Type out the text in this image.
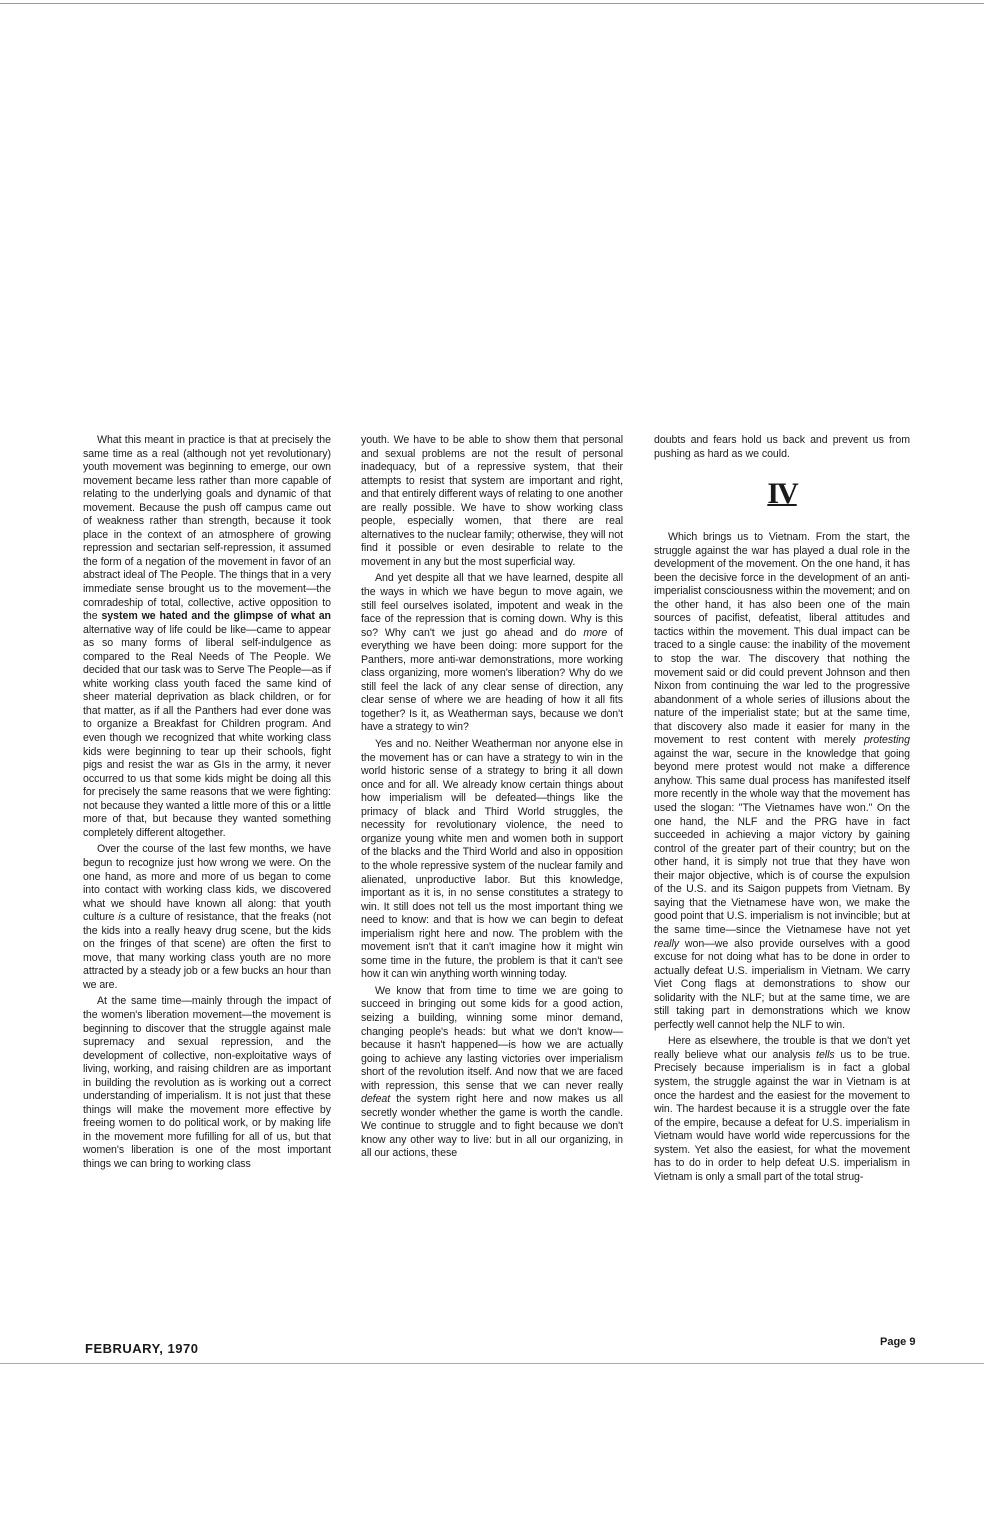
What this meant in practice is that at precisely the same time as a real (although not yet revolutionary) youth movement was beginning to emerge, our own movement became less rather than more capable of relating to the underlying goals and dynamic of that movement. Because the push off campus came out of weakness rather than strength, because it took place in the context of an atmosphere of growing repression and sectarian self-repression, it assumed the form of a negation of the movement in favor of an abstract ideal of The People. The things that in a very immediate sense brought us to the movement—the comradeship of total, collective, active opposition to the system we hated and the glimpse of what an alternative way of life could be like—came to appear as so many forms of liberal self-indulgence as compared to the Real Needs of The People. We decided that our task was to Serve The People—as if white working class youth faced the same kind of sheer material deprivation as black children, or for that matter, as if all the Panthers had ever done was to organize a Breakfast for Children program. And even though we recognized that white working class kids were beginning to tear up their schools, fight pigs and resist the war as GIs in the army, it never occurred to us that some kids might be doing all this for precisely the same reasons that we were fighting: not because they wanted a little more of this or a little more of that, but because they wanted something completely different altogether.

Over the course of the last few months, we have begun to recognize just how wrong we were. On the one hand, as more and more of us began to come into contact with working class kids, we discovered what we should have known all along: that youth culture is a culture of resistance, that the freaks (not the kids into a really heavy drug scene, but the kids on the fringes of that scene) are often the first to move, that many working class youth are no more attracted by a steady job or a few bucks an hour than we are.

At the same time—mainly through the impact of the women's liberation movement—the movement is beginning to discover that the struggle against male supremacy and sexual repression, and the development of collective, non-exploitative ways of living, working, and raising children are as important in building the revolution as is working out a correct understanding of imperialism. It is not just that these things will make the movement more effective by freeing women to do political work, or by making life in the movement more fufilling for all of us, but that women's liberation is one of the most important things we can bring to working class

youth. We have to be able to show them that personal and sexual problems are not the result of personal inadequacy, but of a repressive system, that their attempts to resist that system are important and right, and that entirely different ways of relating to one another are really possible. We have to show working class people, especially women, that there are real alternatives to the nuclear family; otherwise, they will not find it possible or even desirable to relate to the movement in any but the most superficial way.

And yet despite all that we have learned, despite all the ways in which we have begun to move again, we still feel ourselves isolated, impotent and weak in the face of the repression that is coming down. Why is this so? Why can't we just go ahead and do more of everything we have been doing: more support for the Panthers, more anti-war demonstrations, more working class organizing, more women's liberation? Why do we still feel the lack of any clear sense of direction, any clear sense of where we are heading of how it all fits together? Is it, as Weatherman says, because we don't have a strategy to win?

Yes and no. Neither Weatherman nor anyone else in the movement has or can have a strategy to win in the world historic sense of a strategy to bring it all down once and for all. We already know certain things about how imperialism will be defeated—things like the primacy of black and Third World struggles, the necessity for revolutionary violence, the need to organize young white men and women both in support of the blacks and the Third World and also in opposition to the whole repressive system of the nuclear family and alienated, unproductive labor. But this knowledge, important as it is, in no sense constitutes a strategy to win. It still does not tell us the most important thing we need to know: and that is how we can begin to defeat imperialism right here and now. The problem with the movement isn't that it can't imagine how it might win some time in the future, the problem is that it can't see how it can win anything worth winning today.

We know that from time to time we are going to succeed in bringing out some kids for a good action, seizing a building, winning some minor demand, changing people's heads: but what we don't know—because it hasn't happened—is how we are actually going to achieve any lasting victories over imperialism short of the revolution itself. And now that we are faced with repression, this sense that we can never really defeat the system right here and now makes us all secretly wonder whether the game is worth the candle. We continue to struggle and to fight because we don't know any other way to live: but in all our organizing, in all our actions, these

doubts and fears hold us back and prevent us from pushing as hard as we could.

IV

Which brings us to Vietnam. From the start, the struggle against the war has played a dual role in the development of the movement. On the one hand, it has been the decisive force in the development of an anti-imperialist consciousness within the movement; and on the other hand, it has also been one of the main sources of pacifist, defeatist, liberal attitudes and tactics within the movement. This dual impact can be traced to a single cause: the inability of the movement to stop the war. The discovery that nothing the movement said or did could prevent Johnson and then Nixon from continuing the war led to the progressive abandonment of a whole series of illusions about the nature of the imperialist state; but at the same time, that discovery also made it easier for many in the movement to rest content with merely protesting against the war, secure in the knowledge that going beyond mere protest would not make a difference anyhow. This same dual process has manifested itself more recently in the whole way that the movement has used the slogan: "The Vietnames have won." On the one hand, the NLF and the PRG have in fact succeeded in achieving a major victory by gaining control of the greater part of their country; but on the other hand, it is simply not true that they have won their major objective, which is of course the expulsion of the U.S. and its Saigon puppets from Vietnam. By saying that the Vietnamese have won, we make the good point that U.S. imperialism is not invincible; but at the same time—since the Vietnamese have not yet really won—we also provide ourselves with a good excuse for not doing what has to be done in order to actually defeat U.S. imperialism in Vietnam. We carry Viet Cong flags at demonstrations to show our solidarity with the NLF; but at the same time, we are still taking part in demonstrations which we know perfectly well cannot help the NLF to win.

Here as elsewhere, the trouble is that we don't yet really believe what our analysis tells us to be true. Precisely because imperialism is in fact a global system, the struggle against the war in Vietnam is at once the hardest and the easiest for the movement to win. The hardest because it is a struggle over the fate of the empire, because a defeat for U.S. imperialism in Vietnam would have world wide repercussions for the system. Yet also the easiest, for what the movement has to do in order to help defeat U.S. imperialism in Vietnam is only a small part of the total strug-

FEBRUARY, 1970	Page 9
